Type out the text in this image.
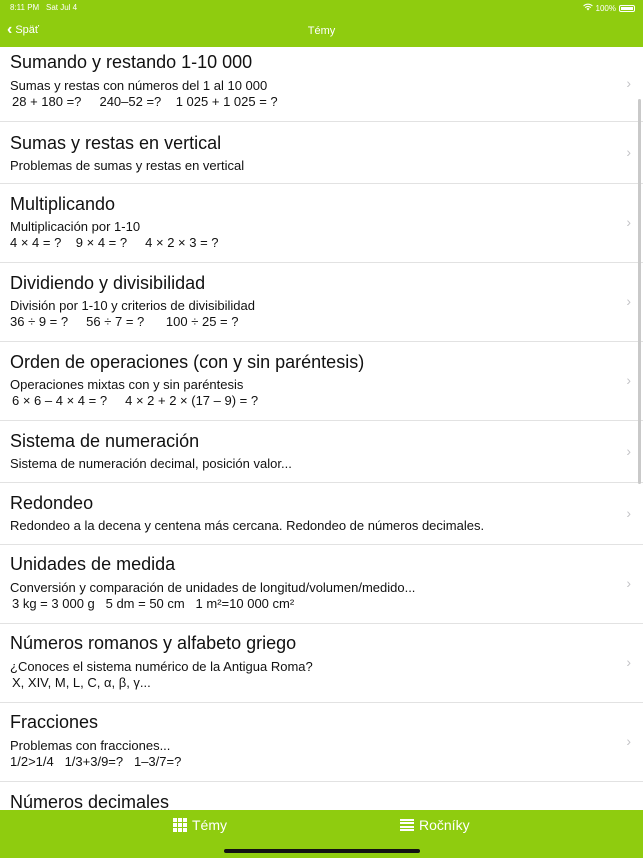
8:11 PM Sat Jul 4	100%
‹ Späť	Témy
Sumando y restando 1-10 000
Sumas y restas con números del 1 al 10 000
28 + 180 =?     240–52 =?    1 025 + 1 025 = ?
›
Sumas y restas en vertical
Problemas de sumas y restas en vertical
›
Multiplicando
Multiplicación por 1-10
4 × 4 = ?    9 × 4 = ?     4 × 2 × 3 = ?
›
Dividiendo y divisibilidad
División por 1-10 y criterios de divisibilidad
36 ÷ 9 = ?     56 ÷ 7 = ?      100 ÷ 25 = ?
›
Orden de operaciones (con y sin paréntesis)
Operaciones mixtas con y sin paréntesis
6 × 6 – 4 × 4 = ?     4 × 2 + 2 × (17 – 9) = ?
›
Sistema de numeración
Sistema de numeración decimal, posición valor...
›
Redondeo
Redondeo a la decena y centena más cercana. Redondeo de números decimales.
›
Unidades de medida
Conversión y comparación de unidades de longitud/volumen/medido...
3 kg = 3 000 g   5 dm = 50 cm   1 m²=10 000 cm²
›
Números romanos y alfabeto griego
¿Conoces el sistema numérico de la Antigua Roma?
X, XIV, M, L, C, α, β, γ...
›
Fracciones
Problemas con fracciones...
1/2>1/4   1/3+3/9=?   1–3/7=?
›
Números decimales
Témy	Ročníky
